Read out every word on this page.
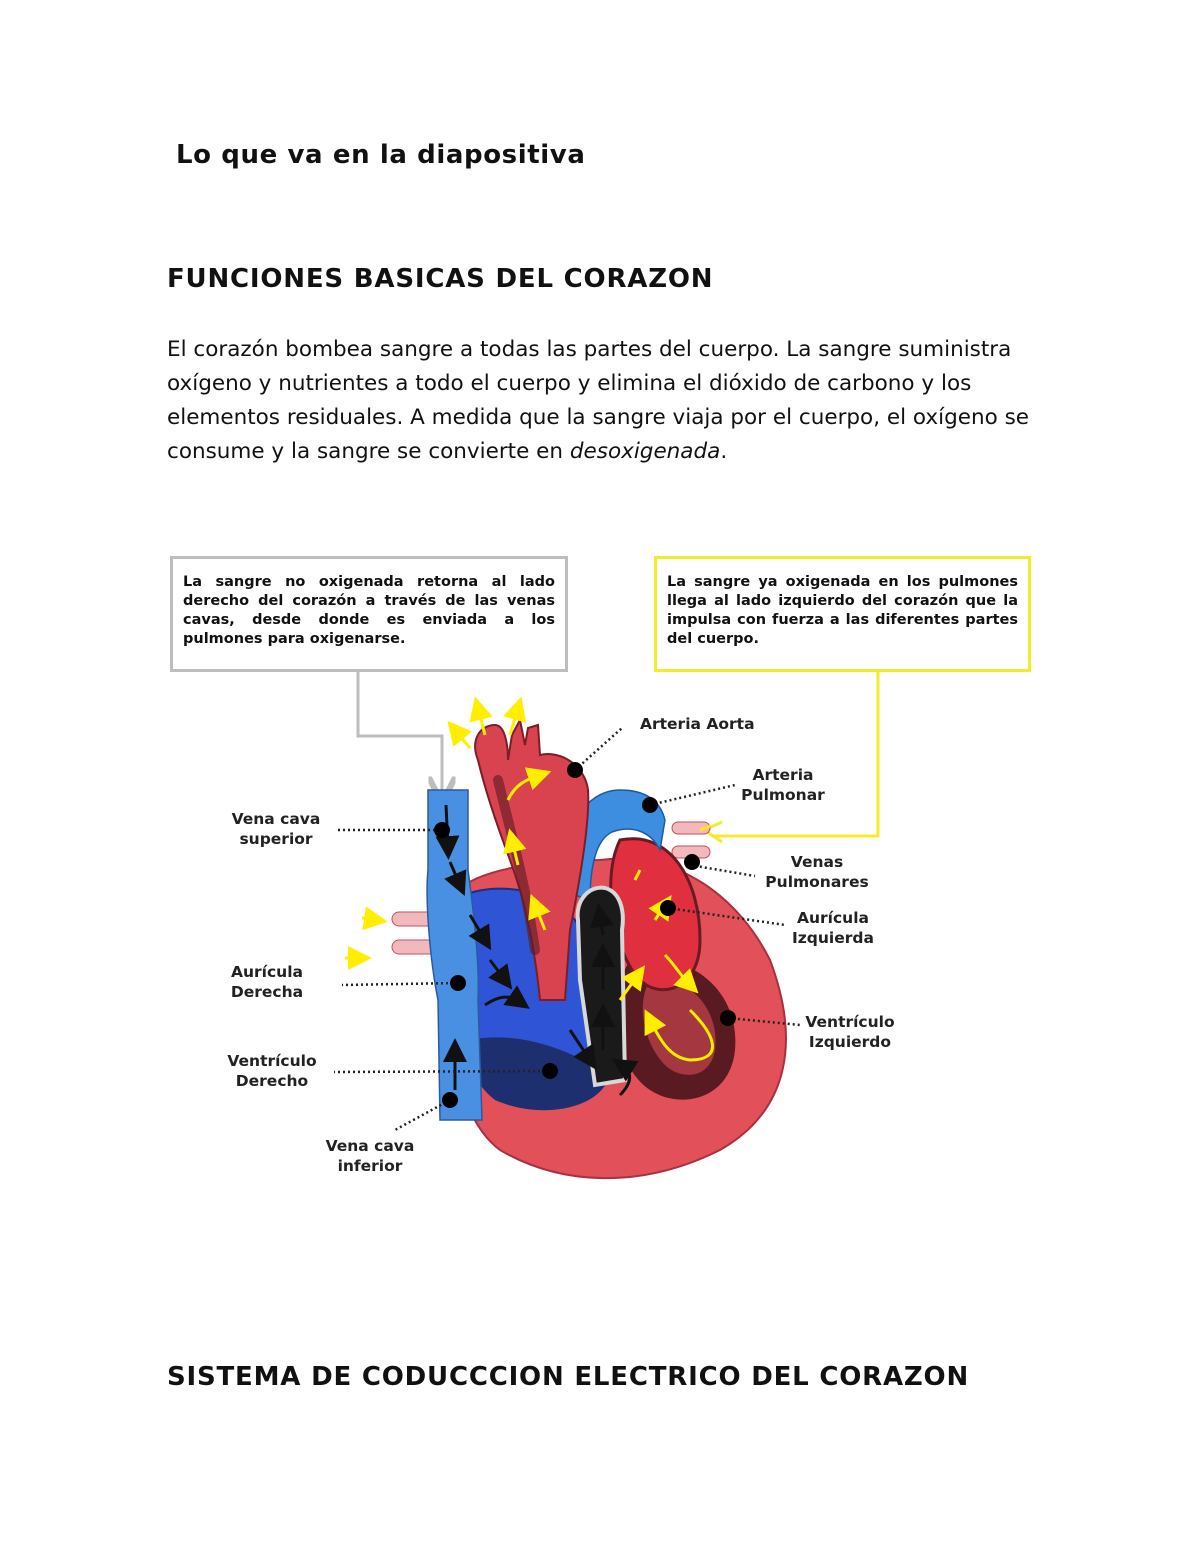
Lo que va en la diapositiva
FUNCIONES BASICAS DEL CORAZON
El corazón bombea sangre a todas las partes del cuerpo. La sangre suministra oxígeno y nutrientes a todo el cuerpo y elimina el dióxido de carbono y los elementos residuales. A medida que la sangre viaja por el cuerpo, el oxígeno se consume y la sangre se convierte en desoxigenada.
La sangre no oxigenada retorna al lado derecho del corazón a través de las venas cavas, desde donde es enviada a los pulmones para oxigenarse.
La sangre ya oxigenada en los pulmones llega al lado izquierdo del corazón que la impulsa con fuerza a las diferentes partes del cuerpo.
Arteria Aorta
Arteria
Pulmonar
Vena cava
superior
Venas
Pulmonares
Aurícula
Izquierda
Aurícula
Derecha
Ventrículo
Izquierdo
Ventrículo
Derecho
Vena cava
inferior
SISTEMA DE CODUCCCION ELECTRICO DEL CORAZON
